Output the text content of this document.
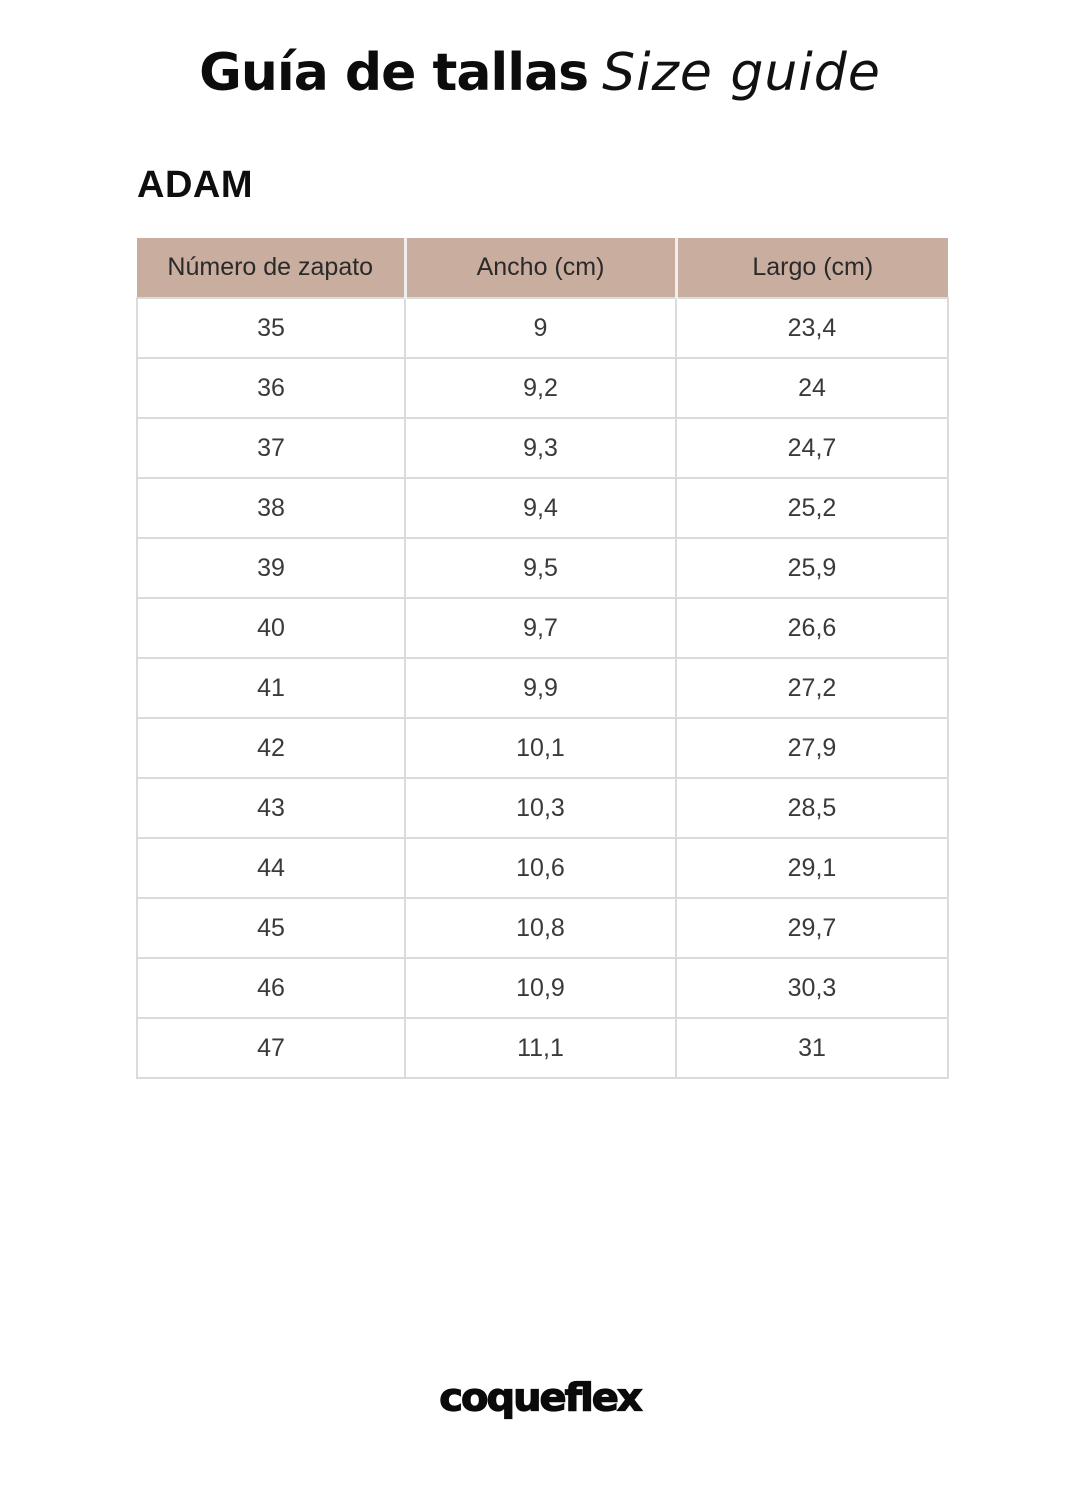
Guía de tallas Size guide
ADAM
Número de zapato	Ancho (cm)	Largo (cm)
35	9	23,4
36	9,2	24
37	9,3	24,7
38	9,4	25,2
39	9,5	25,9
40	9,7	26,6
41	9,9	27,2
42	10,1	27,9
43	10,3	28,5
44	10,6	29,1
45	10,8	29,7
46	10,9	30,3
47	11,1	31
coqueflex
